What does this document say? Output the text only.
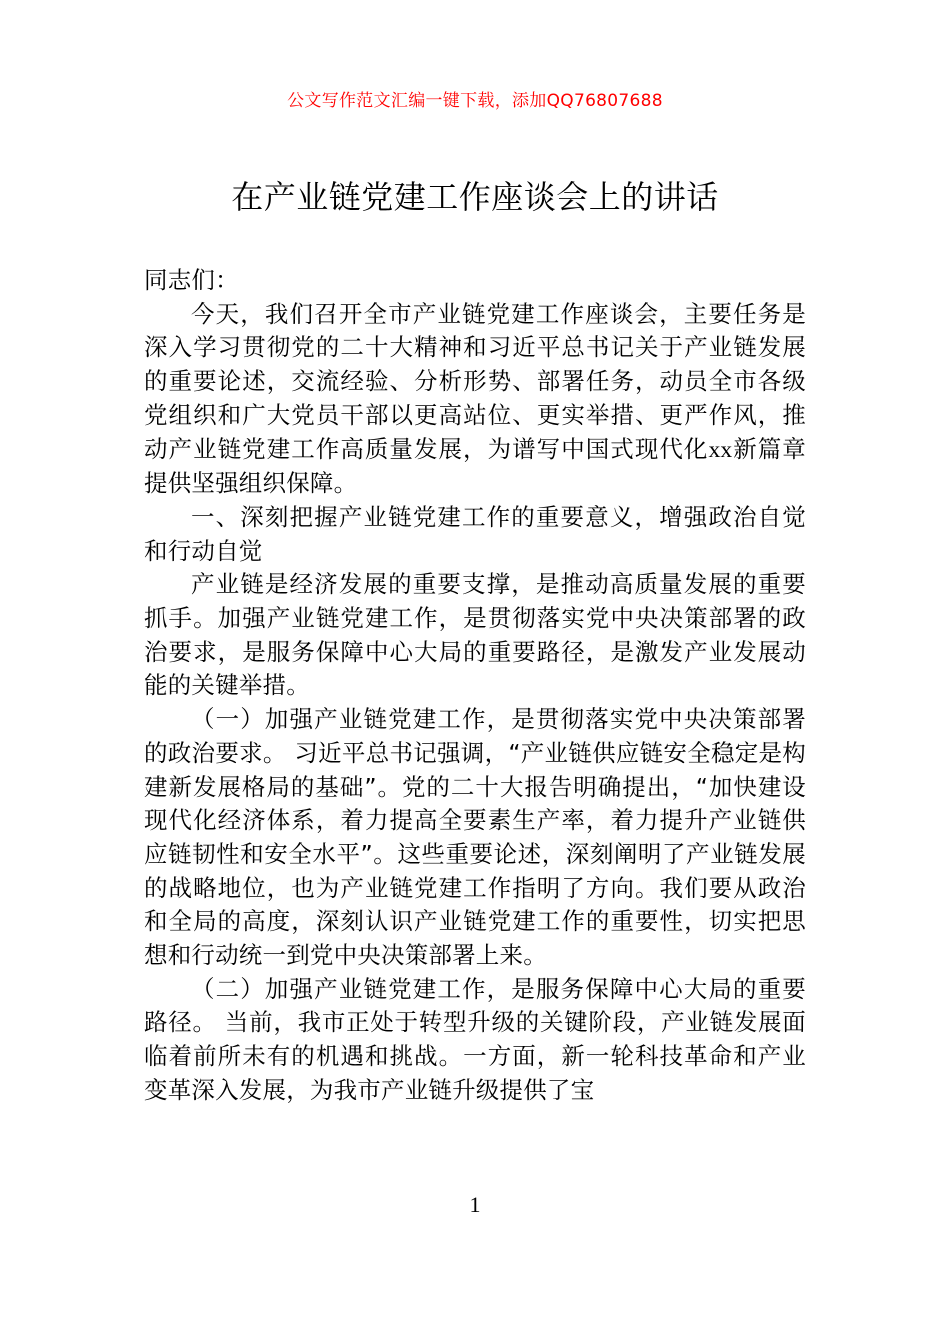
公文写作范文汇编一键下载，添加QQ76807688
在产业链党建工作座谈会上的讲话

同志们：

今天，我们召开全市产业链党建工作座谈会，主要任务是深入学习贯彻党的二十大精神和习近平总书记关于产业链发展的重要论述，交流经验、分析形势、部署任务，动员全市各级党组织和广大党员干部以更高站位、更实举措、更严作风，推动产业链党建工作高质量发展，为谱写中国式现代化xx新篇章提供坚强组织保障。

一、深刻把握产业链党建工作的重要意义，增强政治自觉和行动自觉

产业链是经济发展的重要支撑，是推动高质量发展的重要抓手。加强产业链党建工作，是贯彻落实党中央决策部署的政治要求，是服务保障中心大局的重要路径，是激发产业发展动能的关键举措。

（一）加强产业链党建工作，是贯彻落实党中央决策部署的政治要求。 习近平总书记强调，“产业链供应链安全稳定是构建新发展格局的基础”。党的二十大报告明确提出，“加快建设现代化经济体系，着力提高全要素生产率，着力提升产业链供应链韧性和安全水平”。这些重要论述，深刻阐明了产业链发展的战略地位，也为产业链党建工作指明了方向。我们要从政治和全局的高度，深刻认识产业链党建工作的重要性，切实把思想和行动统一到党中央决策部署上来。

（二）加强产业链党建工作，是服务保障中心大局的重要路径。 当前，我市正处于转型升级的关键阶段，产业链发展面临着前所未有的机遇和挑战。一方面，新一轮科技革命和产业变革深入发展，为我市产业链升级提供了宝

1
